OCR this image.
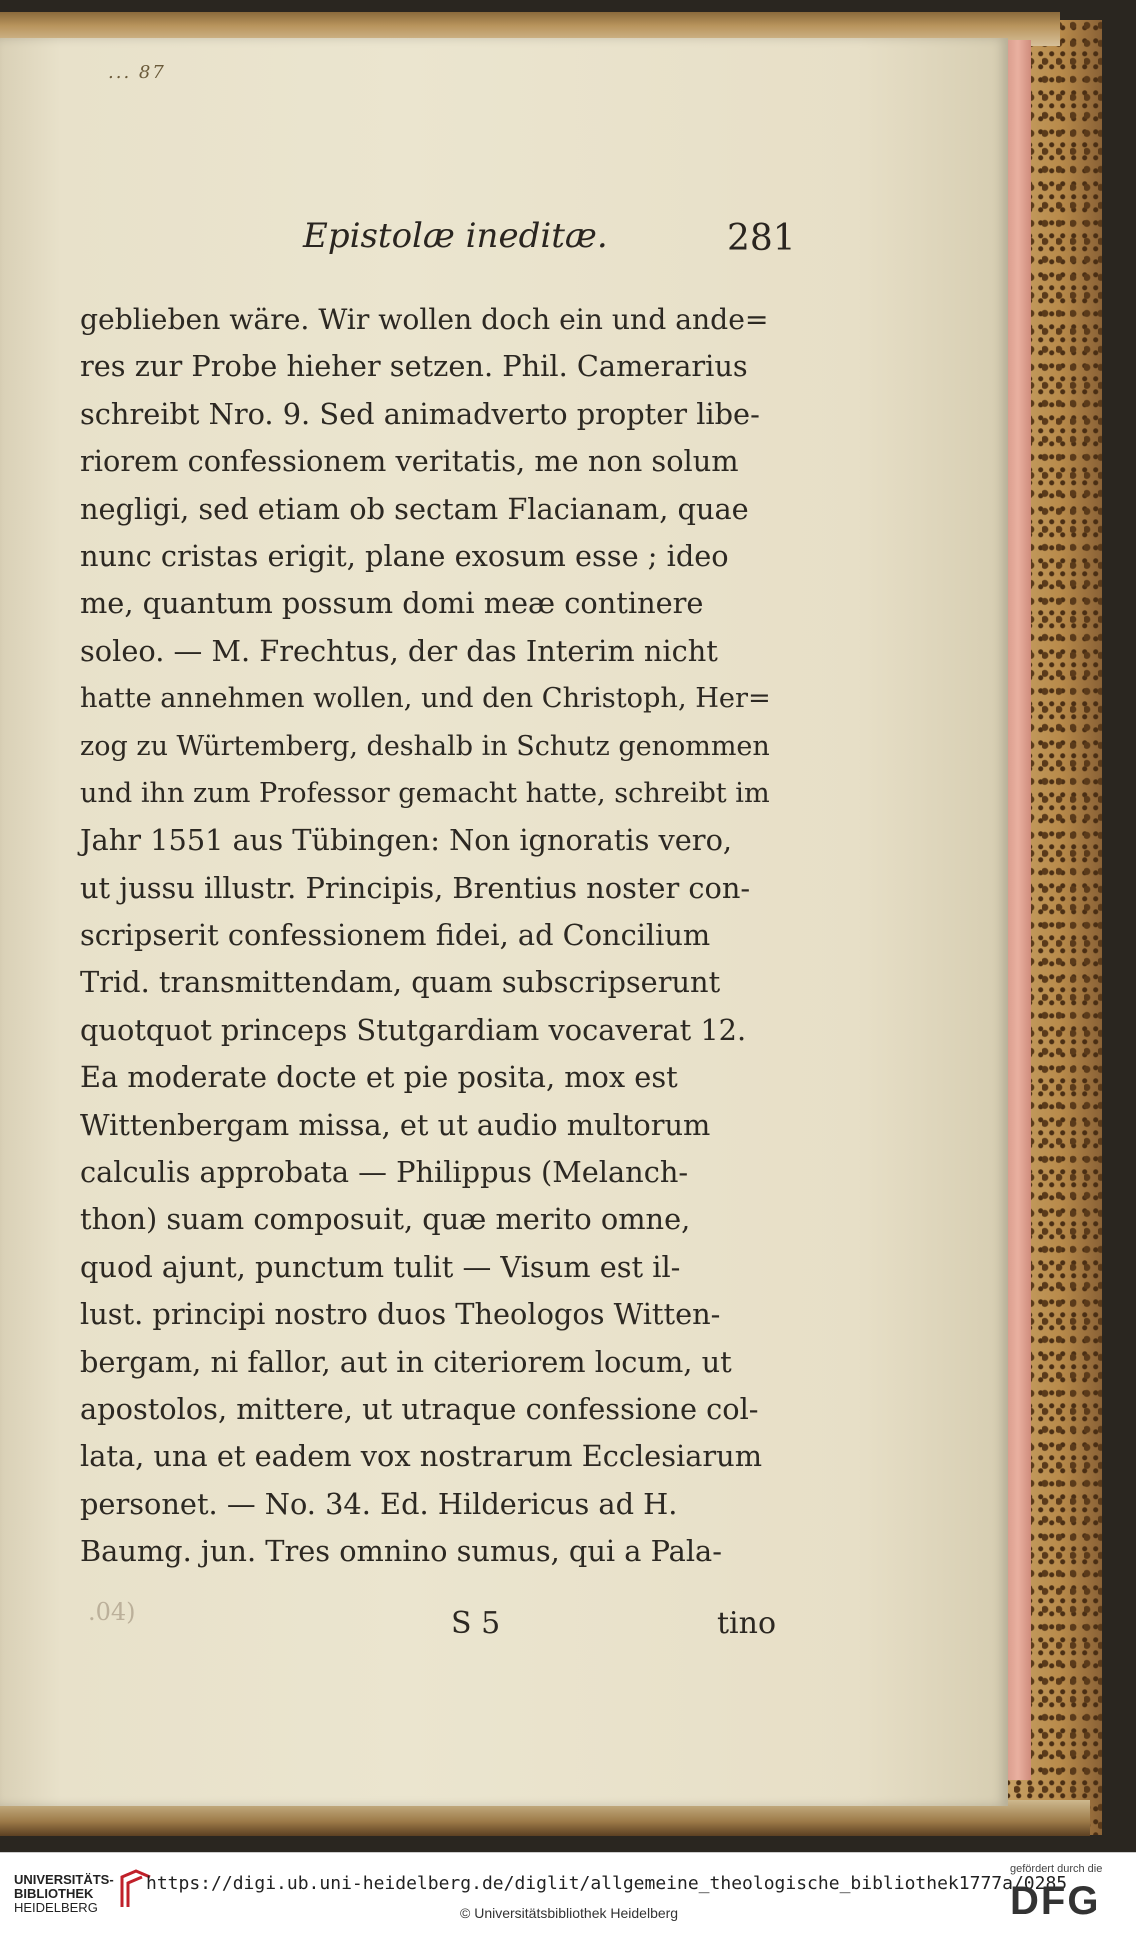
... 87
Epistolæ ineditæ.	281
geblieben wäre. Wir wollen doch ein und ande=
res zur Probe hieher setzen. Phil. Camerarius
schreibt Nro. 9. Sed animadverto propter libe-
riorem confessionem veritatis, me non solum
negligi, sed etiam ob sectam Flacianam, quae
nunc cristas erigit, plane exosum esse ; ideo
me, quantum possum domi meæ continere
soleo. — M. Frechtus, der das Interim nicht
hatte annehmen wollen, und den Christoph, Her=
zog zu Würtemberg, deshalb in Schutz genommen
und ihn zum Professor gemacht hatte, schreibt im
Jahr 1551 aus Tübingen: Non ignoratis vero,
ut jussu illustr. Principis, Brentius noster con-
scripserit confessionem fidei, ad Concilium
Trid. transmittendam, quam subscripserunt
quotquot princeps Stutgardiam vocaverat 12.
Ea moderate docte et pie posita, mox est
Wittenbergam missa, et ut audio multorum
calculis approbata — Philippus (Melanch-
thon) suam composuit, quæ merito omne,
quod ajunt, punctum tulit — Visum est il-
lust. principi nostro duos Theologos Witten-
bergam, ni fallor, aut in citeriorem locum, ut
apostolos, mittere, ut utraque confessione col-
lata, una et eadem vox nostrarum Ecclesiarum
personet. — No. 34. Ed. Hildericus ad H.
Baumg. jun. Tres omnino sumus, qui a Pala-
.04)	S 5	tino
UNIVERSITÄTS-
BIBLIOTHEK
HEIDELBERG
https://digi.ub.uni-heidelberg.de/diglit/allgemeine_theologische_bibliothek1777a/0285
© Universitätsbibliothek Heidelberg
gefördert durch die
DFG
